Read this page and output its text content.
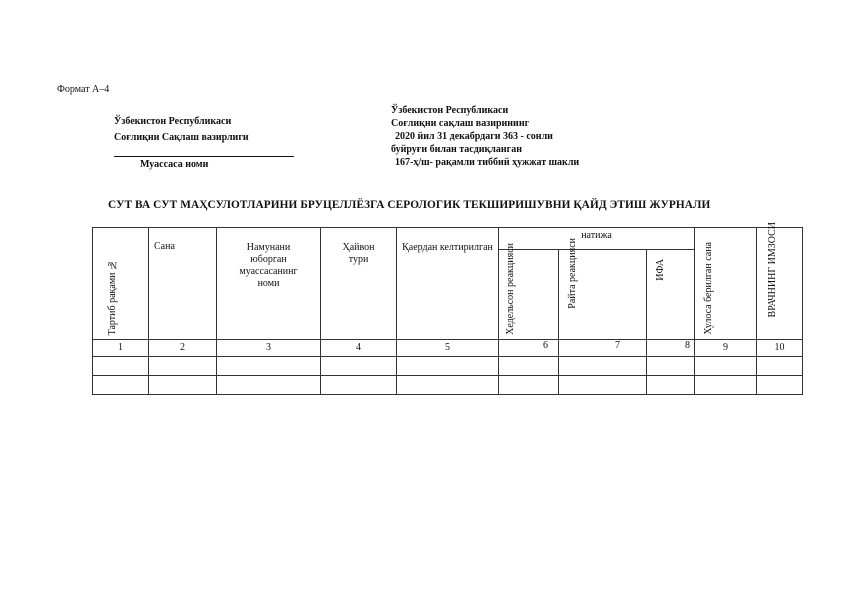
Формат А–4
Ўзбекистон Республикаси
Соғлиқни Сақлаш вазирлиги
Муассаса номи
Ўзбекистон Республикаси
Соғлиқни сақлаш вазирининг
2020 йил 31 декабрдаги 363 - сонли
буйруғи билан тасдиқланган
167-ҳ/ш- рақамли тиббий ҳужжат шакли
СУТ ВА СУТ МАҲСУЛОТЛАРИНИ БРУЦЕЛЛЁЗГА СЕРОЛОГИК ТЕКШИРИШУВНИ ҚАЙД ЭТИШ ЖУРНАЛИ
Тартиб рақами №	Сана	Намунани юборган муассасанинг номи	Ҳайвон тури	Қаердан келтирилган	натижа			Хулоса берилган сана	ВРАЧНИНГ ИМЗОСИ

					Хедельсон реакцияси	Райта реакцияси	ИФА		

1	2	3	4	5	6	7	8	9	10
